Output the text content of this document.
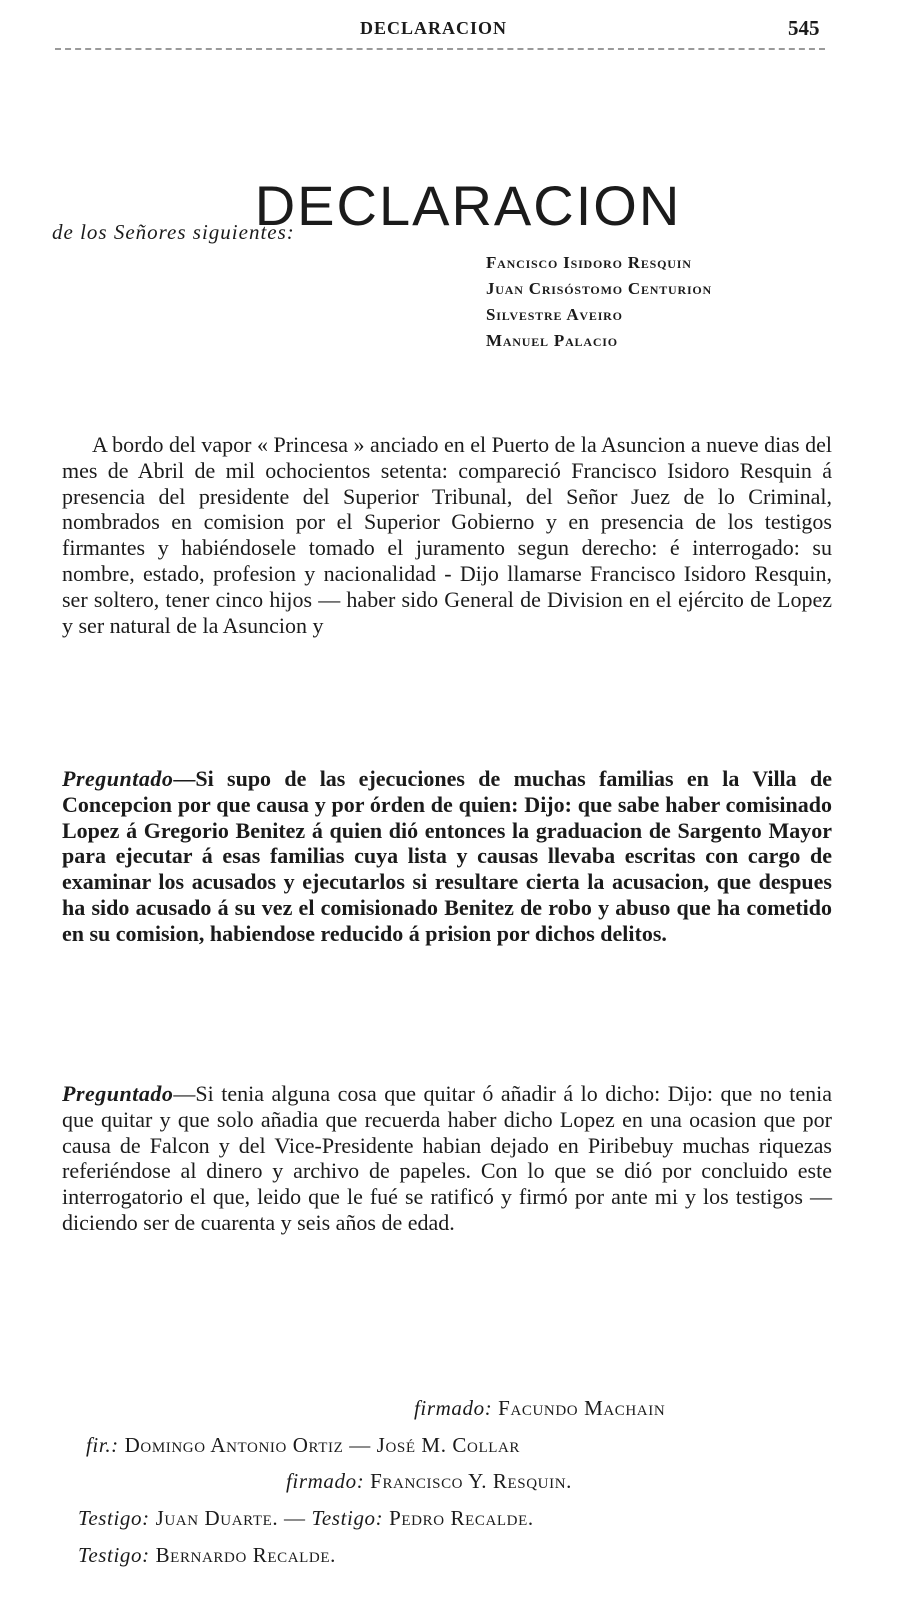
DECLARACION	545
DECLARACION
de los Señores siguientes:
Fancisco Isidoro Resquin
Juan Crisóstomo Centurion
Silvestre Aveiro
Manuel Palacio

A bordo del vapor « Princesa » anciado en el Puerto de la Asuncion a nueve dias del mes de Abril de mil ochocientos setenta: compareció Francisco Isidoro Resquin á presencia del presidente del Superior Tribunal, del Señor Juez de lo Criminal, nombrados en comision por el Superior Gobierno y en presencia de los testigos firmantes y habiéndosele tomado el juramento segun derecho: é interrogado: su nombre, estado, profesion y nacionalidad - Dijo llamarse Francisco Isidoro Resquin, ser soltero, tener cinco hijos — haber sido General de Division en el ejército de Lopez y ser natural de la Asuncion y

Preguntado—Si supo de las ejecuciones de muchas familias en la Villa de Concepcion por que causa y por órden de quien: Dijo: que sabe haber comisinado Lopez á Gregorio Benitez á quien dió entonces la graduacion de Sargento Mayor para ejecutar á esas familias cuya lista y causas llevaba escritas con cargo de examinar los acusados y ejecutarlos si resultare cierta la acusacion, que despues ha sido acusado á su vez el comisionado Benitez de robo y abuso que ha cometido en su comision, habiendose reducido á prision por dichos delitos.

Preguntado—Si tenia alguna cosa que quitar ó añadir á lo dicho: Dijo: que no tenia que quitar y que solo añadia que recuerda haber dicho Lopez en una ocasion que por causa de Falcon y del Vice-Presidente habian dejado en Piribebuy muchas riquezas referiéndose al dinero y archivo de papeles. Con lo que se dió por concluido este interrogatorio el que, leido que le fué se ratificó y firmó por ante mi y los testigos — diciendo ser de cuarenta y seis años de edad.

firmado: Facundo Machain
fir.: Domingo Antonio Ortiz — José M. Collar
firmado: Francisco Y. Resquin.
Testigo: Juan Duarte. — Testigo: Pedro Recalde.
Testigo: Bernardo Recalde.
